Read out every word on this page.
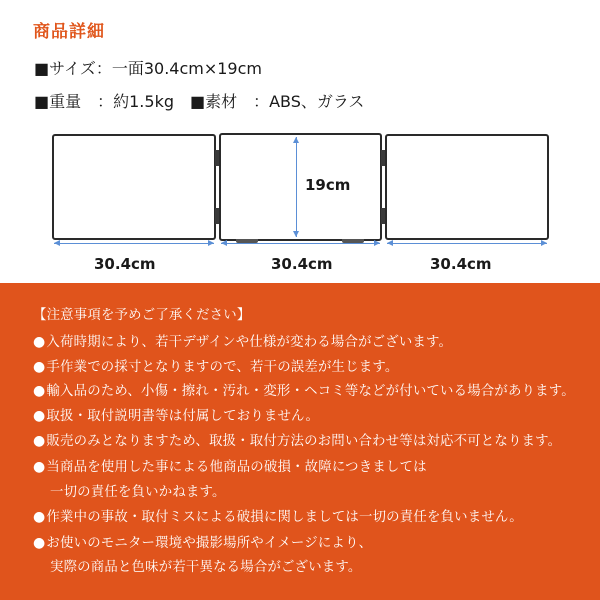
商品詳細
■サイズ：一面30.4cm×19cm
■重量　：約1.5kg　■素材　：ABS、ガラス
19cm
30.4cm	30.4cm	30.4cm
【注意事項を予めご了承ください】
●入荷時期により、若干デザインや仕様が変わる場合がございます。
●手作業での採寸となりますので、若干の誤差が生じます。
●輸入品のため、小傷・擦れ・汚れ・変形・ヘコミ等などが付いている場合があります。
●取扱・取付説明書等は付属しておりません。
●販売のみとなりますため、取扱・取付方法のお問い合わせ等は対応不可となります。
●当商品を使用した事による他商品の破損・故障につきましては
一切の責任を負いかねます。
●作業中の事故・取付ミスによる破損に関しましては一切の責任を負いません。
●お使いのモニター環境や撮影場所やイメージにより、
実際の商品と色味が若干異なる場合がございます。
